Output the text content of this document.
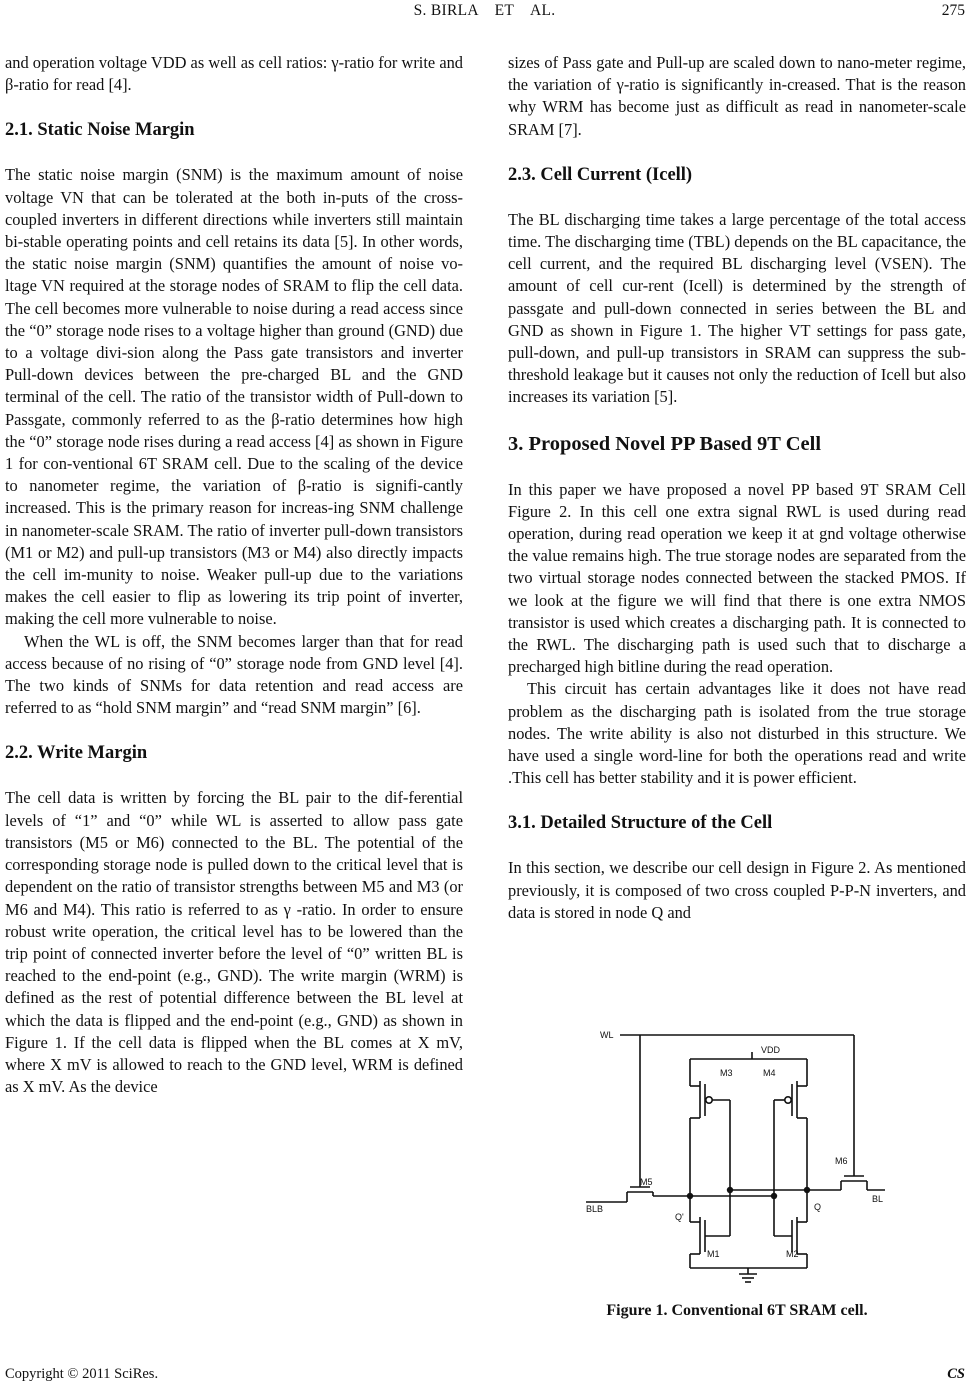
S. BIRLA ET AL.	275

and operation voltage VDD as well as cell ratios: γ-ratio for write and β-ratio for read [4].

2.1. Static Noise Margin

The static noise margin (SNM) is the maximum amount of noise voltage VN that can be tolerated at the both in-puts of the cross-coupled inverters in different directions while inverters still maintain bi-stable operating points and cell retains its data [5]. In other words, the static noise margin (SNM) quantifies the amount of noise vo-ltage VN required at the storage nodes of SRAM to flip the cell data. The cell becomes more vulnerable to noise during a read access since the “0” storage node rises to a voltage higher than ground (GND) due to a voltage divi-sion along the Pass gate transistors and inverter Pull-down devices between the pre-charged BL and the GND terminal of the cell. The ratio of the transistor width of Pull-down to Passgate, commonly referred to as the β-ratio determines how high the “0” storage node rises during a read access [4] as shown in Figure 1 for con-ventional 6T SRAM cell. Due to the scaling of the device to nanometer regime, the variation of β-ratio is signifi-cantly increased. This is the primary reason for increas-ing SNM challenge in nanometer-scale SRAM. The ratio of inverter pull-down transistors (M1 or M2) and pull-up transistors (M3 or M4) also directly impacts the cell im-munity to noise. Weaker pull-up due to the variations makes the cell easier to flip as lowering its trip point of inverter, making the cell more vulnerable to noise.

When the WL is off, the SNM becomes larger than that for read access because of no rising of “0” storage node from GND level [4]. The two kinds of SNMs for data retention and read access are referred to as “hold SNM margin” and “read SNM margin” [6].

2.2. Write Margin

The cell data is written by forcing the BL pair to the dif-ferential levels of “1” and “0” while WL is asserted to allow pass gate transistors (M5 or M6) connected to the BL. The potential of the corresponding storage node is pulled down to the critical level that is dependent on the ratio of transistor strengths between M5 and M3 (or M6 and M4). This ratio is referred to as γ -ratio. In order to ensure robust write operation, the critical level has to be lowered than the trip point of connected inverter before the level of “0” written BL is reached to the end-point (e.g., GND). The write margin (WRM) is defined as the rest of potential difference between the BL level at which the data is flipped and the end-point (e.g., GND) as shown in Figure 1. If the cell data is flipped when the BL comes at X mV, where X mV is allowed to reach to the GND level, WRM is defined as X mV. As the device

sizes of Pass gate and Pull-up are scaled down to nano-meter regime, the variation of γ-ratio is significantly in-creased. That is the reason why WRM has become just as difficult as read in nanometer-scale SRAM [7].

2.3. Cell Current (Icell)

The BL discharging time takes a large percentage of the total access time. The discharging time (TBL) depends on the BL capacitance, the cell current, and the required BL discharging level (VSEN). The amount of cell cur-rent (Icell) is determined by the strength of passgate and pull-down connected in series between the BL and GND as shown in Figure 1. The higher VT settings for pass gate, pull-down, and pull-up transistors in SRAM can suppress the sub-threshold leakage but it causes not only the reduction of Icell but also increases its variation [5].

3. Proposed Novel PP Based 9T Cell

In this paper we have proposed a novel PP based 9T SRAM Cell Figure 2. In this cell one extra signal RWL is used during read operation, during read operation we keep it at gnd voltage otherwise the value remains high. The true storage nodes are separated from the two virtual storage nodes connected between the stacked PMOS. If we look at the figure we will find that there is one extra NMOS transistor is used which creates a discharging path. It is connected to the RWL. The discharging path is used such that to discharge a precharged high bitline during the read operation.

This circuit has certain advantages like it does not have read problem as the discharging path is isolated from the true storage nodes. The write ability is also not disturbed in this structure. We have used a single word-line for both the operations read and write .This cell has better stability and it is power efficient.

3.1. Detailed Structure of the Cell

In this section, we describe our cell design in Figure 2. As mentioned previously, it is composed of two cross coupled P-P-N inverters, and data is stored in node Q and

WL
VDD
M3	M4
M5
M6
M1	M2
BLB
BL
Q
Q'
Figure 1. Conventional 6T SRAM cell.
Copyright © 2011 SciRes.	CS
